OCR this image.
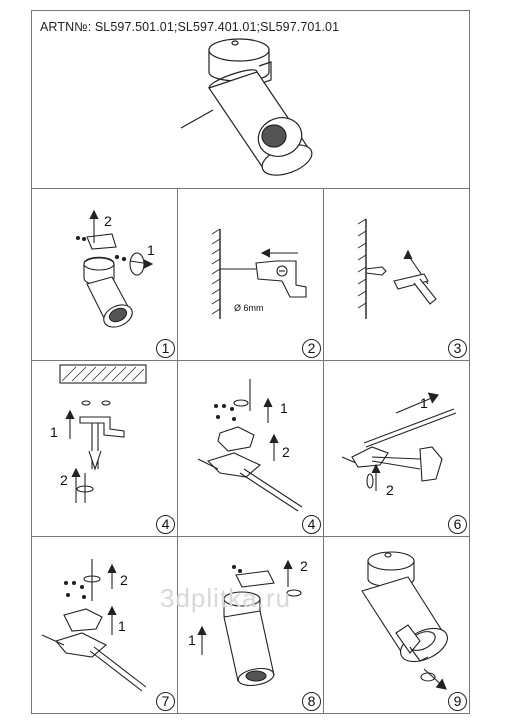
ARTN№: SL597.501.01;SL597.401.01;SL597.701.01
2
1
1
Ø 6mm
2	3
1
2
4
1
2
4
1
2
6
2
1
7
2
1
8	9
3dplitka.ru
